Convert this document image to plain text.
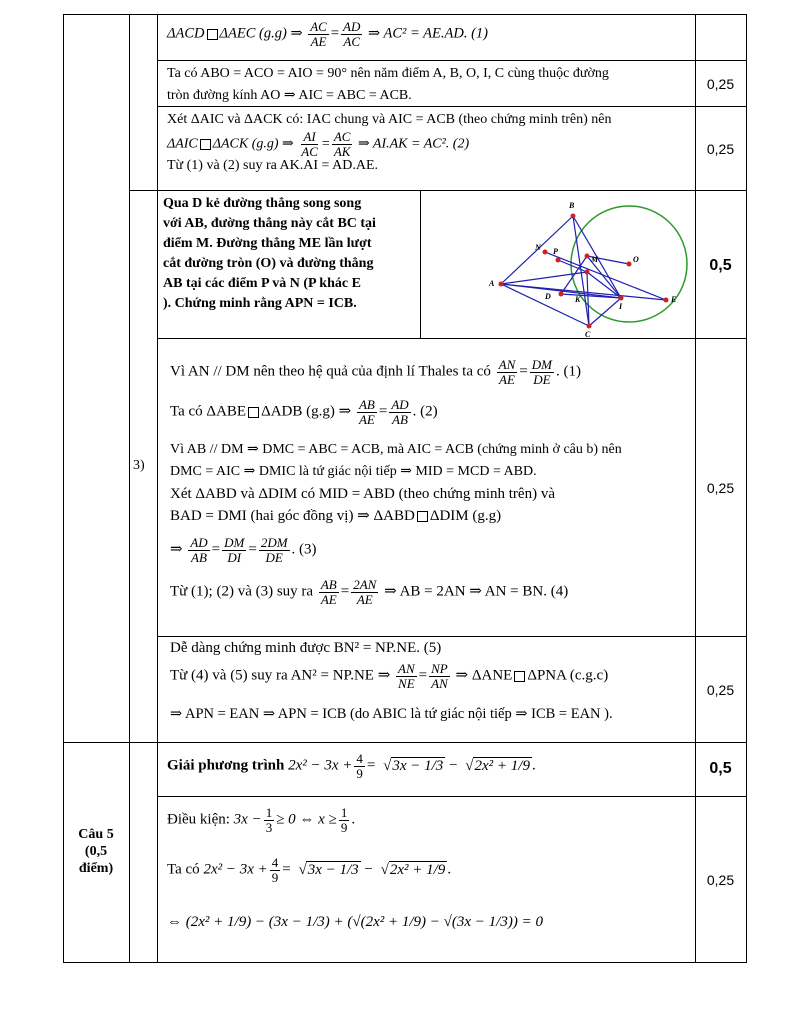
ΔACD ΔAEC (g.g) ⇒ $\frac{AC}{AE} = \frac{AD}{AC}$ ⇒ AC² = AE.AD. (1)
Ta có ABO = ACO = AIO = 90° nên năm điểm A, B, O, I, C cùng thuộc đường
tròn đường kính AO ⇒ AIC = ABC = ACB.
0,25
Xét ΔAIC và ΔACK có: IAC chung và AIC = ACB (theo chứng minh trên) nên
ΔAIC ΔACK (g.g) ⇒ $\frac{AI}{AC} = \frac{AC}{AK}$ ⇒ AI.AK = AC². (2)
Từ (1) và (2) suy ra AK.AI = AD.AE.
0,25
Qua D kẻ đường thẳng song song
với AB, đường thẳng này cắt BC tại
điểm M. Đường thẳng ME lần lượt
cắt đường tròn (O) và đường thẳng
AB tại các điểm P và N (P khác E
). Chứng minh rằng APN = ICB.
B
N P
M	O
A
D	K
I
E
C
0,5
Vì AN // DM nên theo hệ quả của định lí Thales ta có $\frac{AN}{AE} = \frac{DM}{DE}$ . (1)
Ta có ΔABE ΔADB (g.g) ⇒ $\frac{AB}{AE} = \frac{AD}{AB}$ . (2)
Vì AB // DM ⇒ DMC = ABC = ACB, mà AIC = ACB (chứng minh ở câu b) nên
DMC = AIC ⇒ DMIC là tứ giác nội tiếp ⇒ MID = MCD = ABD.
Xét ΔABD và ΔDIM có MID = ABD (theo chứng minh trên) và
BAD = DMI (hai góc đồng vị) ⇒ ΔABD ΔDIM (g.g)
⇒ $\frac{AD}{AB} = \frac{DM}{DI} = \frac{2DM}{DE}$ . (3)
Từ (1); (2) và (3) suy ra $\frac{AB}{AE} = \frac{2AN}{AE}$ ⇒ AB = 2AN ⇒ AN = BN. (4)
3)
0,25
Dễ dàng chứng minh được BN² = NP.NE. (5)
Từ (4) và (5) suy ra AN² = NP.NE ⇒ $\frac{AN}{NE} = \frac{NP}{AN}$ ⇒ ΔANE ΔPNA (c.g.c)
⇒ APN = EAN ⇒ APN = ICB (do ABIC là tứ giác nội tiếp ⇒ ICB = EAN ).
0,25
Giải phương trình $2x^2 - 3x + \frac{4}{9}$ = √ 3x − 1/3 − √ 2x² + 1/9 .	0,5
Câu 5
(0,5
điểm)
Điều kiện: $3x - \frac{1}{3} \ge 0$ ⇔ $x \ge \frac{1}{9}$ .
Ta có $2x^2 - 3x + \frac{4}{9}$ = √ 3x − 1/3 − √ 2x² + 1/9 .
⇔ (2x² + 1/9) − (3x − 1/3) + (√(2x² + 1/9) − √(3x − 1/3)) = 0
0,25
